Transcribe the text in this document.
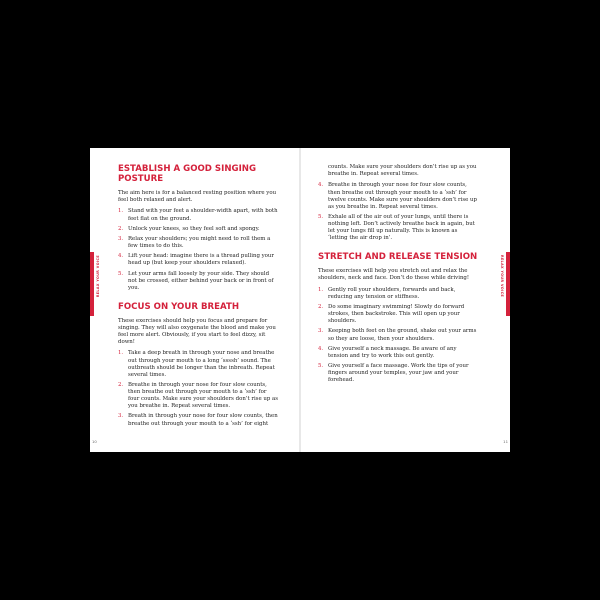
RELAX YOUR VOICE
ESTABLISH A GOOD SINGING POSTURE

The aim here is for a balanced resting position where you feel both relaxed and alert.

1. Stand with your feet a shoulder-width apart, with both feet flat on the ground.
2. Unlock your knees, so they feel soft and spongy.
3. Relax your shoulders; you might need to roll them a few times to do this.
4. Lift your head: imagine there is a thread pulling your head up (but keep your shoulders relaxed).
5. Let your arms fall loosely by your side. They should not be crossed, either behind your back or in front of you.
FOCUS ON YOUR BREATH

These exercises should help you focus and prepare for singing. They will also oxygenate the blood and make you feel more alert. Obviously, if you start to feel dizzy, sit down!

1. Take a deep breath in through your nose and breathe out through your mouth to a long ‘ssssh’ sound. The outbreath should be longer than the inbreath. Repeat several times.
2. Breathe in through your nose for four slow counts, then breathe out through your mouth to a ‘ssh’ for four counts. Make sure your shoulders don’t rise up as you breathe in. Repeat several times.
3. Breath in through your nose for four slow counts, then breathe out through your mouth to a ‘ssh’ for eight
10
RELAX YOUR VOICE

counts. Make sure your shoulders don’t rise up as you breathe in. Repeat several times.

4. Breathe in through your nose for four slow counts, then breathe out through your mouth to a ‘ssh’ for twelve counts. Make sure your shoulders don’t rise up as you breathe in. Repeat several times.
5. Exhale all of the air out of your lungs, until there is nothing left. Don’t actively breathe back in again, but let your lungs fill up naturally. This is known as ‘letting the air drop in’.
STRETCH AND RELEASE TENSION

These exercises will help you stretch out and relax the shoulders, neck and face. Don’t do these while driving!

1. Gently roll your shoulders, forwards and back, reducing any tension or stiffness.
2. Do some imaginary swimming! Slowly do forward strokes, then backstroke. This will open up your shoulders.
3. Keeping both feet on the ground, shake out your arms so they are loose, then your shoulders.
4. Give yourself a neck massage. Be aware of any tension and try to work this out gently.
5. Give yourself a face massage. Work the tips of your fingers around your temples, your jaw and your forehead.
11
